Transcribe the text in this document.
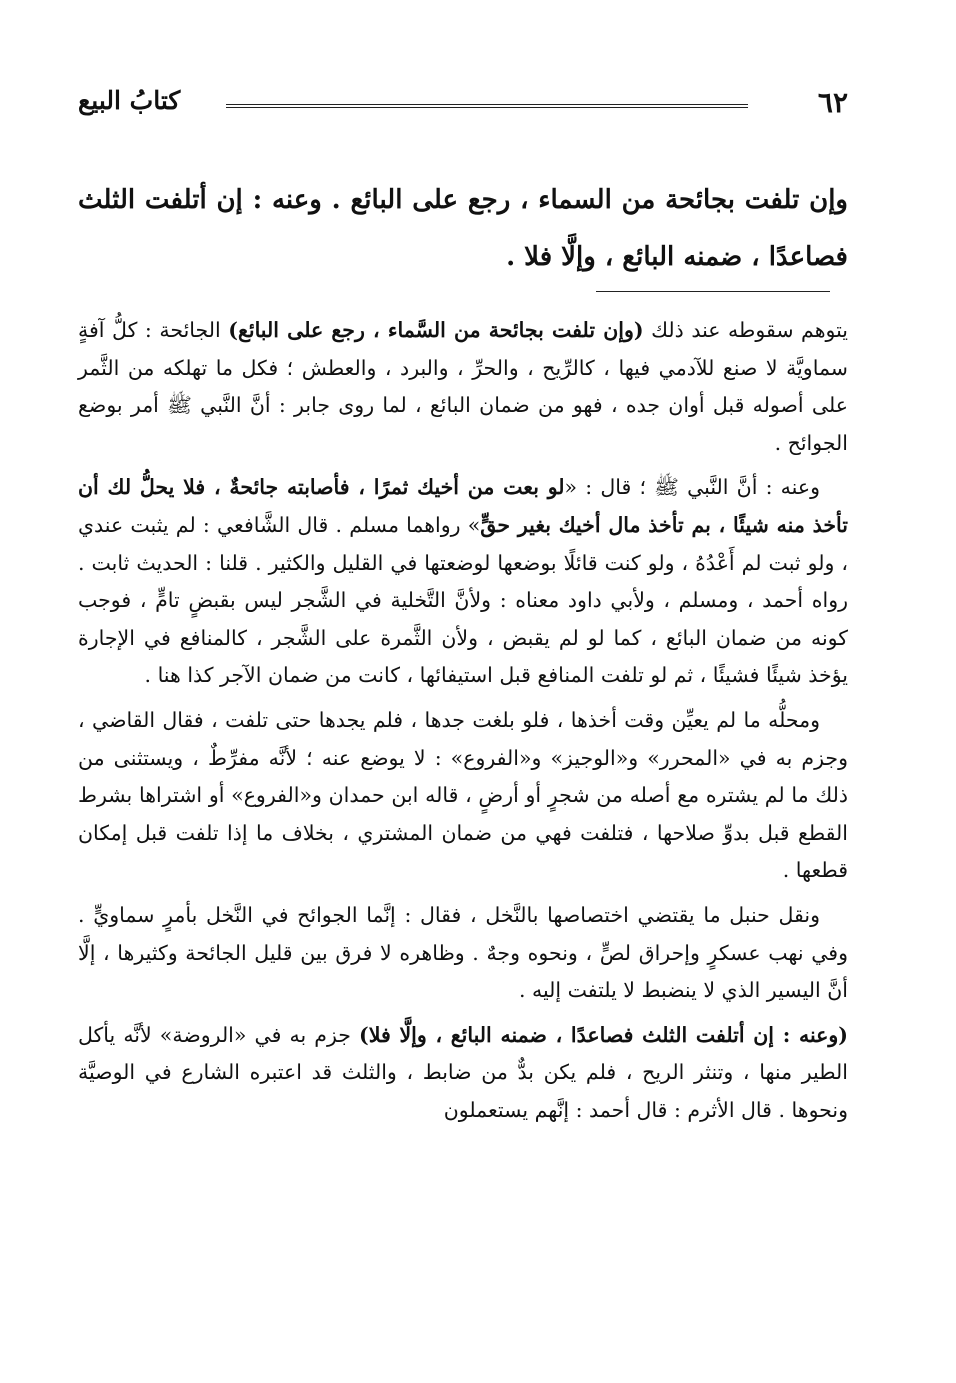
٦٢
كتابُ البيع
وإن تلفت بجائحة من السماء ، رجع على البائع . وعنه : إن أتلفت الثلث فصاعدًا ، ضمنه البائع ، وإلَّا فلا .

يتوهم سقوطه عند ذلك (وإن تلفت بجائحة من السَّماء ، رجع على البائع) الجائحة : كلُّ آفةٍ سماويَّة لا صنع للآدمي فيها ، كالرِّيح ، والحرِّ ، والبرد ، والعطش ؛ فكل ما تهلكه من الثَّمر على أصوله قبل أوان جده ، فهو من ضمان البائع ، لما روى جابر : أنَّ النَّبي ﷺ أمر بوضع الجوائح .

وعنه : أنَّ النَّبي ﷺ ؛ قال : «لو بعت من أخيك ثمرًا ، فأصابته جائحةٌ ، فلا يحلُّ لك أن تأخذ منه شيئًا ، بم تأخذ مال أخيك بغير حقٍّ» رواهما مسلم . قال الشَّافعي : لم يثبت عندي ، ولو ثبت لم أَعْدُهُ ، ولو كنت قائلًا بوضعها لوضعتها في القليل والكثير . قلنا : الحديث ثابت . رواه أحمد ، ومسلم ، ولأبي داود معناه : ولأنَّ التَّخلية في الشَّجر ليس بقبضٍ تامٍّ ، فوجب كونه من ضمان البائع ، كما لو لم يقبض ، ولأن الثَّمرة على الشَّجر ، كالمنافع في الإجارة يؤخذ شيئًا فشيئًا ، ثم لو تلفت المنافع قبل استيفائها ، كانت من ضمان الآجر كذا هنا .

ومحلُّه ما لم يعيِّن وقت أخذها ، فلو بلغت جدها ، فلم يجدها حتى تلفت ، فقال القاضي ، وجزم به في «المحرر» و«الوجيز» و«الفروع» : لا يوضع عنه ؛ لأنَّه مفرِّطٌ ، ويستثنى من ذلك ما لم يشتره مع أصله من شجرٍ أو أرضٍ ، قاله ابن حمدان و«الفروع» أو اشتراها بشرط القطع قبل بدوِّ صلاحها ، فتلفت فهي من ضمان المشتري ، بخلاف ما إذا تلفت قبل إمكان قطعها .

ونقل حنبل ما يقتضي اختصاصها بالنَّخل ، فقال : إنَّما الجوائح في النَّخل بأمرٍ سماويٍّ . وفي نهب عسكرٍ وإحراق لصٍّ ، ونحوه وجهٌ . وظاهره لا فرق بين قليل الجائحة وكثيرها ، إلَّا أنَّ اليسير الذي لا ينضبط لا يلتفت إليه .

(وعنه : إن أتلفت الثلث فصاعدًا ، ضمنه البائع ، وإلَّا فلا) جزم به في «الروضة» لأنَّه يأكل الطير منها ، وتنثر الريح ، فلم يكن بدٌّ من ضابط ، والثلث قد اعتبره الشارع في الوصيَّة ونحوها . قال الأثرم : قال أحمد : إنَّهم يستعملون
